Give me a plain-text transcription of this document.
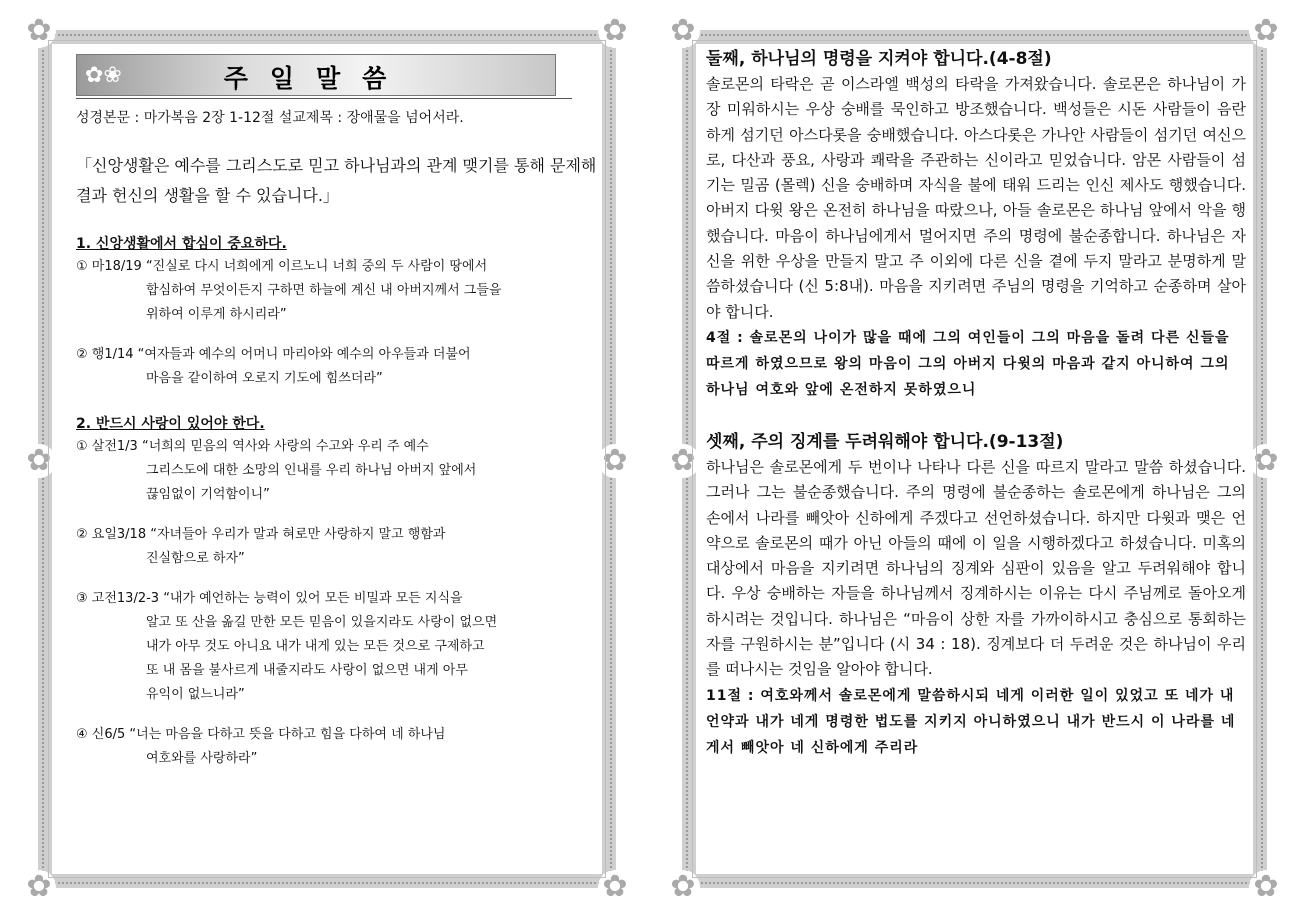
✿	✿
✿	✿
✿	✿
✿❀	주일말씀
성경본문 : 마가복음 2장 1-12절 설교제목 : 장애물을 넘어서라.
「신앙생활은 예수를 그리스도로 믿고 하나님과의 관계 맺기를 통해 문제해결과 헌신의 생활을 할 수 있습니다.」
1. 신앙생활에서 합심이 중요하다.
① 마18/19 “진실로 다시 너희에게 이르노니 너희 중의 두 사람이 땅에서
합심하여 무엇이든지 구하면 하늘에 계신 내 아버지께서 그들을
위하여 이루게 하시리라”
② 행1/14 “여자들과 예수의 어머니 마리아와 예수의 아우들과 더불어
마음을 같이하여 오로지 기도에 힘쓰더라”
2. 반드시 사랑이 있어야 한다.
① 살전1/3 “너희의 믿음의 역사와 사랑의 수고와 우리 주 예수
그리스도에 대한 소망의 인내를 우리 하나님 아버지 앞에서
끊임없이 기억함이니”
② 요일3/18 “자녀들아 우리가 말과 혀로만 사랑하지 말고 행함과
진실함으로 하자”
③ 고전13/2-3 “내가 예언하는 능력이 있어 모든 비밀과 모든 지식을
알고 또 산을 옮길 만한 모든 믿음이 있을지라도 사랑이 없으면
내가 아무 것도 아니요 내가 내게 있는 모든 것으로 구제하고
또 내 몸을 불사르게 내줄지라도 사랑이 없으면 내게 아무
유익이 없느니라”
④ 신6/5 “너는 마음을 다하고 뜻을 다하고 힘을 다하여 네 하나님
여호와를 사랑하라”
✿	✿
✿	✿
✿	✿

둘째, 하나님의 명령을 지켜야 합니다.(4-8절)

솔로몬의 타락은 곧 이스라엘 백성의 타락을 가져왔습니다. 솔로몬은 하나님이 가장 미워하시는 우상 숭배를 묵인하고 방조했습니다. 백성들은 시돈 사람들이 음란하게 섬기던 아스다롯을 숭배했습니다. 아스다롯은 가나안 사람들이 섬기던 여신으로, 다산과 풍요, 사랑과 쾌락을 주관하는 신이라고 믿었습니다. 암몬 사람들이 섬기는 밀곰 (몰렉) 신을 숭배하며 자식을 불에 태워 드리는 인신 제사도 행했습니다. 아버지 다윗 왕은 온전히 하나님을 따랐으나, 아들 솔로몬은 하나님 앞에서 악을 행했습니다. 마음이 하나님에게서 멀어지면 주의 명령에 불순종합니다. 하나님은 자신을 위한 우상을 만들지 말고 주 이외에 다른 신을 곁에 두지 말라고 분명하게 말씀하셨습니다 (신 5:8내). 마음을 지키려면 주님의 명령을 기억하고 순종하며 살아야 합니다.

4절 : 솔로몬의 나이가 많을 때에 그의 여인들이 그의 마음을 돌려 다른 신들을 따르게 하였으므로 왕의 마음이 그의 아버지 다윗의 마음과 같지 아니하여 그의 하나님 여호와 앞에 온전하지 못하였으니

셋째, 주의 징계를 두려워해야 합니다.(9-13절)

하나님은 솔로몬에게 두 번이나 나타나 다른 신을 따르지 말라고 말씀 하셨습니다. 그러나 그는 불순종했습니다. 주의 명령에 불순종하는 솔로몬에게 하나님은 그의 손에서 나라를 빼앗아 신하에게 주겠다고 선언하셨습니다. 하지만 다윗과 맺은 언약으로 솔로몬의 때가 아닌 아들의 때에 이 일을 시행하겠다고 하셨습니다. 미혹의 대상에서 마음을 지키려면 하나님의 징계와 심판이 있음을 알고 두려워해야 합니다. 우상 숭배하는 자들을 하나님께서 징계하시는 이유는 다시 주님께로 돌아오게 하시려는 것입니다. 하나님은 “마음이 상한 자를 가까이하시고 충심으로 통회하는 자를 구원하시는 분”입니다 (시 34 : 18). 징계보다 더 두려운 것은 하나님이 우리를 떠나시는 것임을 알아야 합니다.

11절 : 여호와께서 솔로몬에게 말씀하시되 네게 이러한 일이 있었고 또 네가 내 언약과 내가 네게 명령한 법도를 지키지 아니하였으니 내가 반드시 이 나라를 네게서 빼앗아 네 신하에게 주리라
